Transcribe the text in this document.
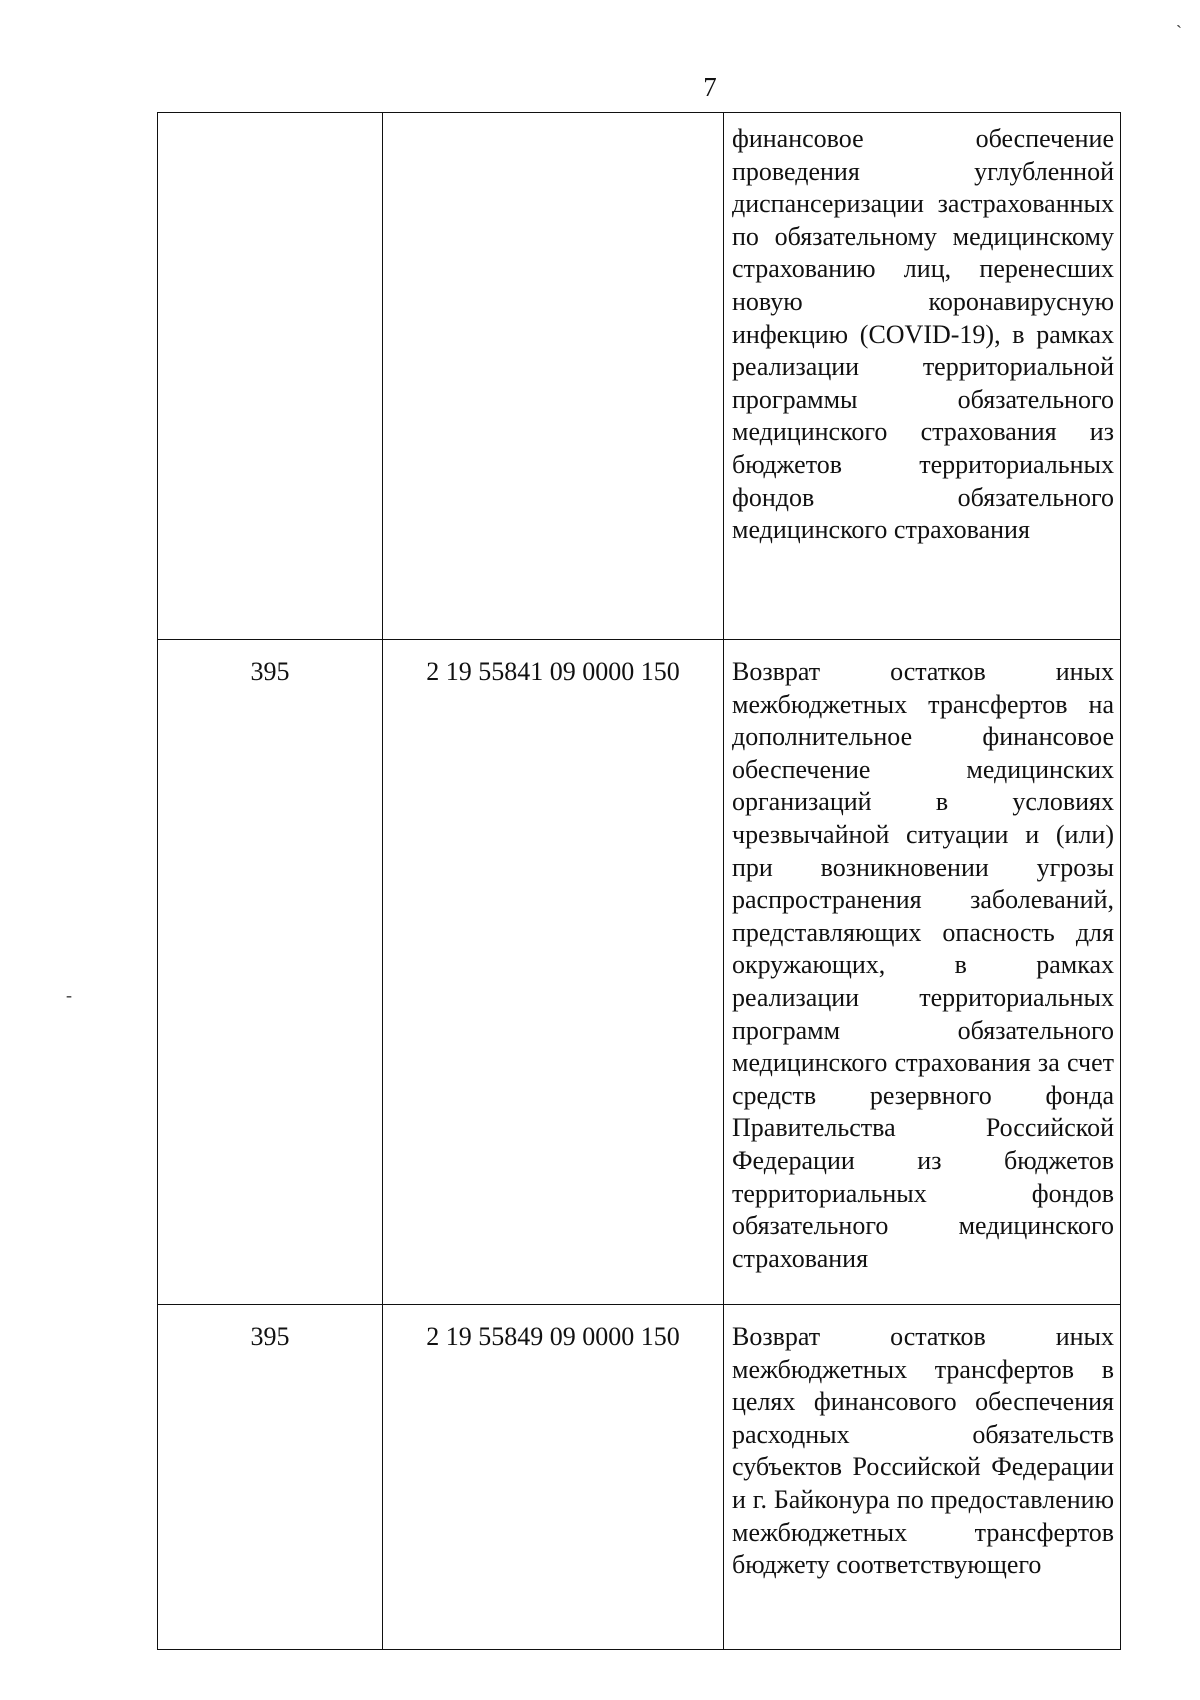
7
ˎ
-
		финансовое обеспечение проведения углубленной диспансеризации застрахованных по обязательному медицинскому страхованию лиц, перенесших новую коронавирусную инфекцию (COVID-19), в рамках реализации территориальной программы обязательного медицинского страхования из бюджетов территориальных фондов обязательного медицинского страхования
395	2 19 55841 09 0000 150	Возврат остатков иных межбюджетных трансфертов на дополнительное финансовое обеспечение медицинских организаций в условиях чрезвычайной ситуации и (или) при возникновении угрозы распространения заболеваний, представляющих опасность для окружающих, в рамках реализации территориальных программ обязательного медицинского страхования за счет средств резервного фонда Правительства Российской Федерации из бюджетов территориальных фондов обязательного медицинского страхования
395	2 19 55849 09 0000 150	Возврат остатков иных межбюджетных трансфертов в целях финансового обеспечения расходных обязательств субъектов Российской Федерации и г. Байконура по предоставлению межбюджетных трансфертов бюджету соответствующего
